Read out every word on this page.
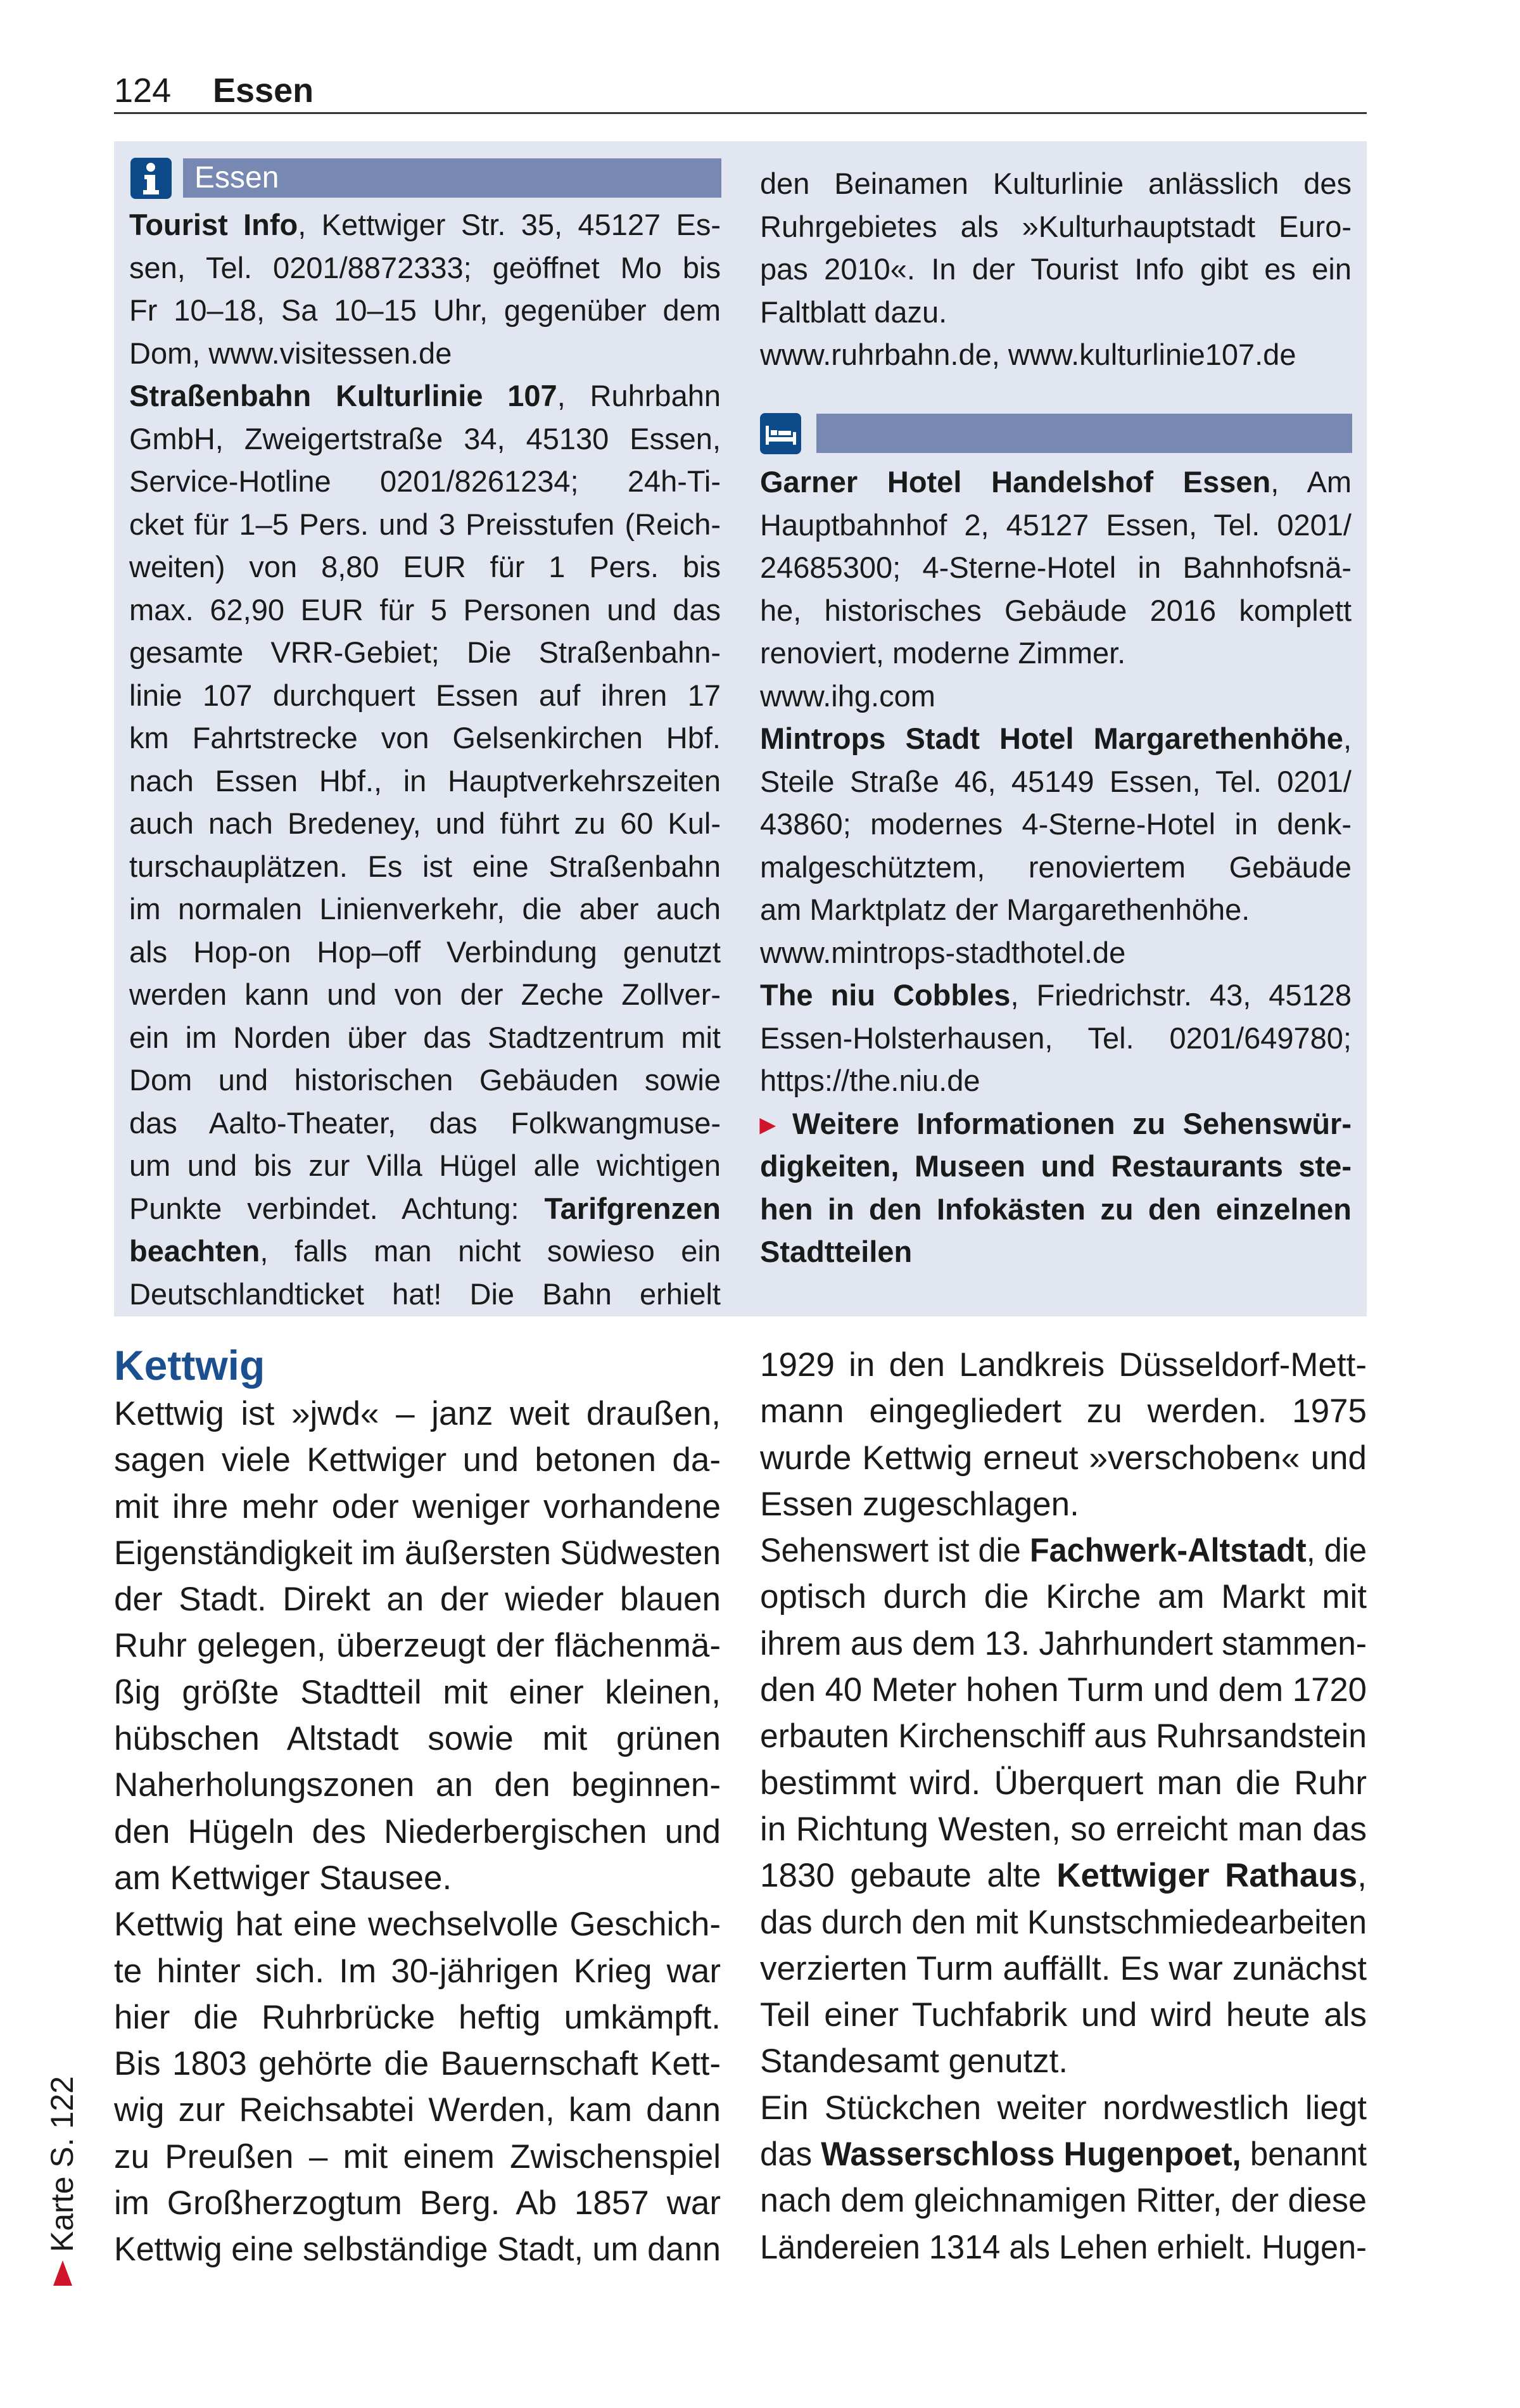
124 Essen
Essen
Tourist Info, Kettwiger Str. 35, 45127 Es-
sen, Tel. 0201/8872333; geöffnet Mo bis
Fr 10–18, Sa 10–15 Uhr, gegenüber dem
Dom, www.visitessen.de
Straßenbahn Kulturlinie 107, Ruhrbahn
GmbH, Zweigertstraße 34, 45130 Essen,
Service-Hotline 0201/8261234; 24h-Ti-
cket für 1–5 Pers. und 3 Preisstufen (Reich-
weiten) von 8,80 EUR für 1 Pers. bis
max. 62,90 EUR für 5 Personen und das
gesamte VRR-Gebiet; Die Straßenbahn-
linie 107 durchquert Essen auf ihren 17
km Fahrtstrecke von Gelsenkirchen Hbf.
nach Essen Hbf., in Hauptverkehrszeiten
auch nach Bredeney, und führt zu 60 Kul-
turschauplätzen. Es ist eine Straßenbahn
im normalen Linienverkehr, die aber auch
als Hop-on Hop–off Verbindung genutzt
werden kann und von der Zeche Zollver-
ein im Norden über das Stadtzentrum mit
Dom und historischen Gebäuden sowie
das Aalto-Theater, das Folkwangmuse-
um und bis zur Villa Hügel alle wichtigen
Punkte verbindet. Achtung: Tarifgrenzen
beachten, falls man nicht sowieso ein
Deutschlandticket hat! Die Bahn erhielt
den Beinamen Kulturlinie anlässlich des
Ruhrgebietes als »Kulturhauptstadt Euro-
pas 2010«. In der Tourist Info gibt es ein
Faltblatt dazu.
www.ruhrbahn.de, www.kulturlinie107.de
Garner Hotel Handelshof Essen, Am
Hauptbahnhof 2, 45127 Essen, Tel. 0201/
24685300; 4-Sterne-Hotel in Bahnhofsnä-
he, historisches Gebäude 2016 komplett
renoviert, moderne Zimmer.
www.ihg.com
Mintrops Stadt Hotel Margarethenhöhe,
Steile Straße 46, 45149 Essen, Tel. 0201/
43860; modernes 4-Sterne-Hotel in denk-
malgeschütztem, renoviertem Gebäude
am Marktplatz der Margarethenhöhe.
www.mintrops-stadthotel.de
The niu Cobbles, Friedrichstr. 43, 45128
Essen-Holsterhausen, Tel. 0201/649780;
https://the.niu.de
▸ Weitere Informationen zu Sehenswür-
digkeiten, Museen und Restaurants ste-
hen in den Infokästen zu den einzelnen
Stadtteilen
Kettwig
Kettwig ist »jwd« – janz weit draußen,
sagen viele Kettwiger und betonen da-
mit ihre mehr oder weniger vorhandene
Eigenständigkeit im äußersten Südwesten
der Stadt. Direkt an der wieder blauen
Ruhr gelegen, überzeugt der flächenmä-
ßig größte Stadtteil mit einer kleinen,
hübschen Altstadt sowie mit grünen
Naherholungszonen an den beginnen-
den Hügeln des Niederbergischen und
am Kettwiger Stausee.
Kettwig hat eine wechselvolle Geschich-
te hinter sich. Im 30-jährigen Krieg war
hier die Ruhrbrücke heftig umkämpft.
Bis 1803 gehörte die Bauernschaft Kett-
wig zur Reichsabtei Werden, kam dann
zu Preußen – mit einem Zwischenspiel
im Großherzogtum Berg. Ab 1857 war
Kettwig eine selbständige Stadt, um dann
1929 in den Landkreis Düsseldorf-Mett-
mann eingegliedert zu werden. 1975
wurde Kettwig erneut »verschoben« und
Essen zugeschlagen.
Sehenswert ist die Fachwerk-Altstadt, die
optisch durch die Kirche am Markt mit
ihrem aus dem 13. Jahrhundert stammen-
den 40 Meter hohen Turm und dem 1720
erbauten Kirchenschiff aus Ruhrsandstein
bestimmt wird. Überquert man die Ruhr
in Richtung Westen, so erreicht man das
1830 gebaute alte Kettwiger Rathaus,
das durch den mit Kunstschmiedearbeiten
verzierten Turm auffällt. Es war zunächst
Teil einer Tuchfabrik und wird heute als
Standesamt genutzt.
Ein Stückchen weiter nordwestlich liegt
das Wasserschloss Hugenpoet, benannt
nach dem gleichnamigen Ritter, der diese
Ländereien 1314 als Lehen erhielt. Hugen-
Karte S. 122
